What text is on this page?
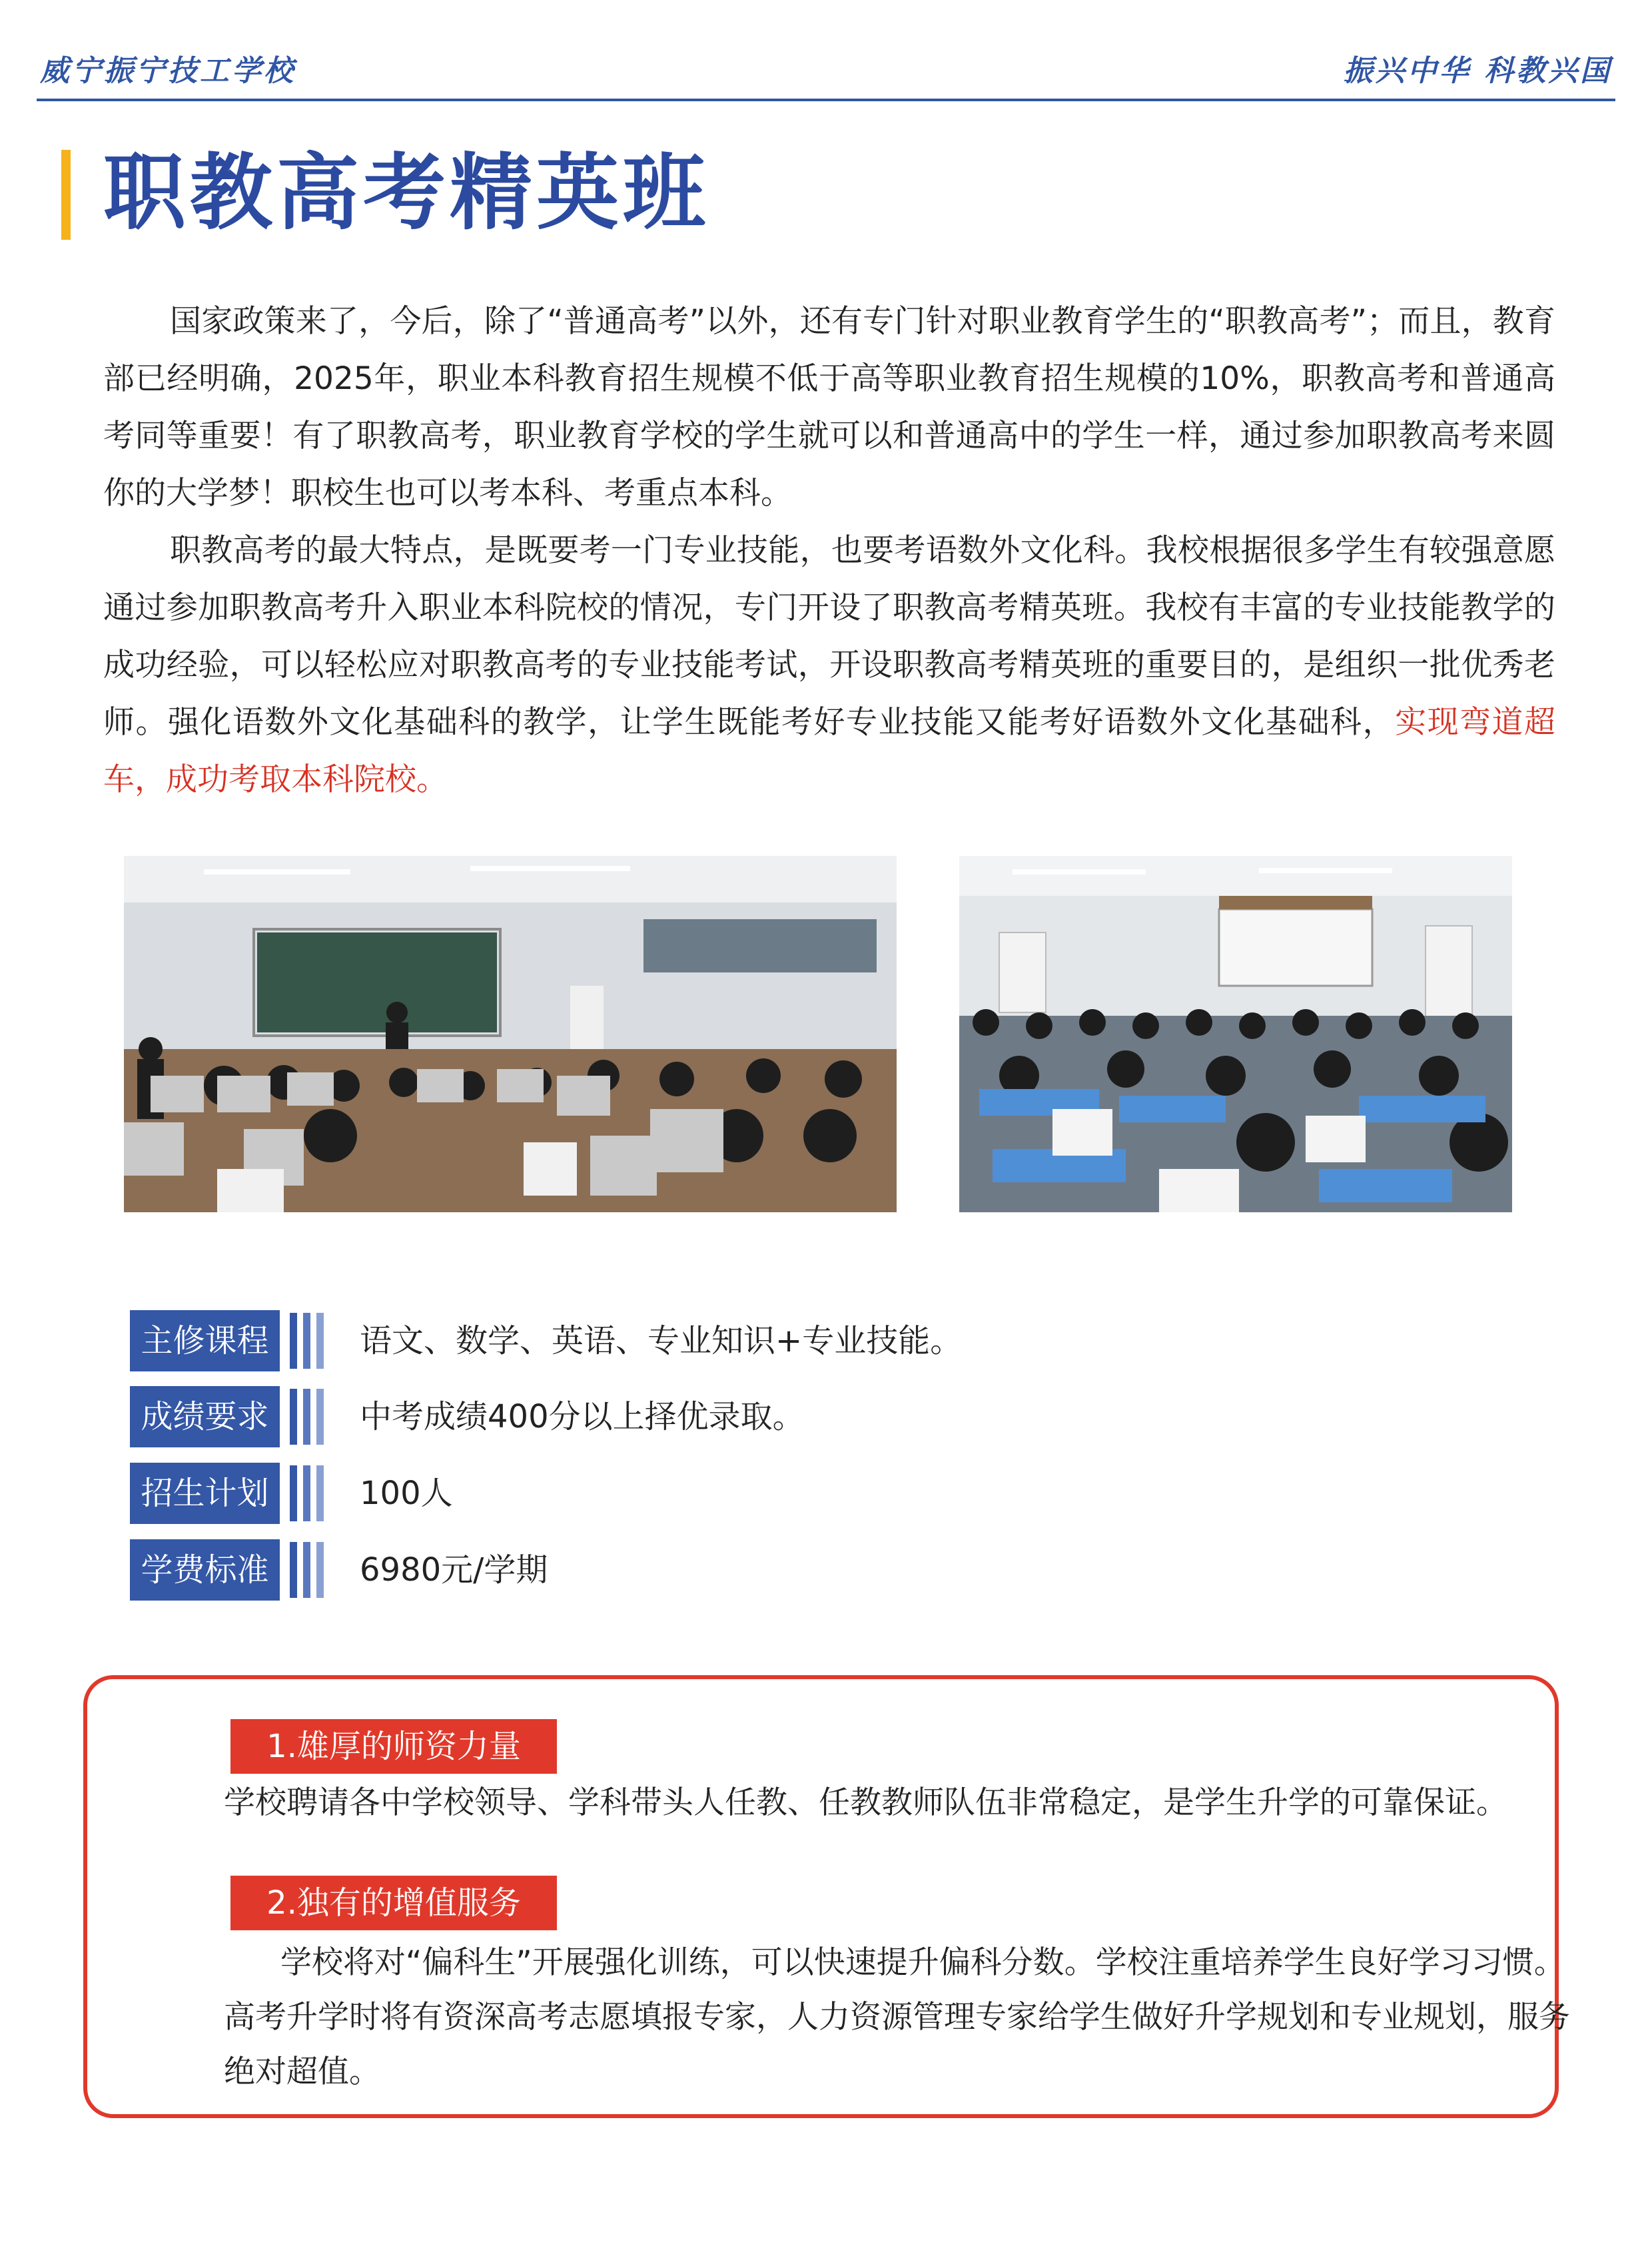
威宁振宁技工学校	振兴中华 科教兴国
职教高考精英班

国家政策来了，今后，除了“普通高考”以外，还有专门针对职业教育学生的“职教高考”；而且，教育部已经明确，2025年，职业本科教育招生规模不低于高等职业教育招生规模的10%，职教高考和普通高考同等重要！有了职教高考，职业教育学校的学生就可以和普通高中的学生一样，通过参加职教高考来圆你的大学梦！职校生也可以考本科、考重点本科。

职教高考的最大特点，是既要考一门专业技能，也要考语数外文化科。我校根据很多学生有较强意愿通过参加职教高考升入职业本科院校的情况，专门开设了职教高考精英班。我校有丰富的专业技能教学的成功经验，可以轻松应对职教高考的专业技能考试，开设职教高考精英班的重要目的，是组织一批优秀老师。强化语数外文化基础科的教学，让学生既能考好专业技能又能考好语数外文化基础科，实现弯道超车，成功考取本科院校。

主修课程	语文、数学、英语、专业知识+专业技能。
成绩要求	中考成绩400分以上择优录取。
招生计划	100人
学费标准	6980元/学期
1.雄厚的师资力量

学校聘请各中学校领导、学科带头人任教、任教教师队伍非常稳定，是学生升学的可靠保证。

2.独有的增值服务

学校将对“偏科生”开展强化训练，可以快速提升偏科分数。学校注重培养学生良好学习习惯。高考升学时将有资深高考志愿填报专家，人力资源管理专家给学生做好升学规划和专业规划，服务绝对超值。
